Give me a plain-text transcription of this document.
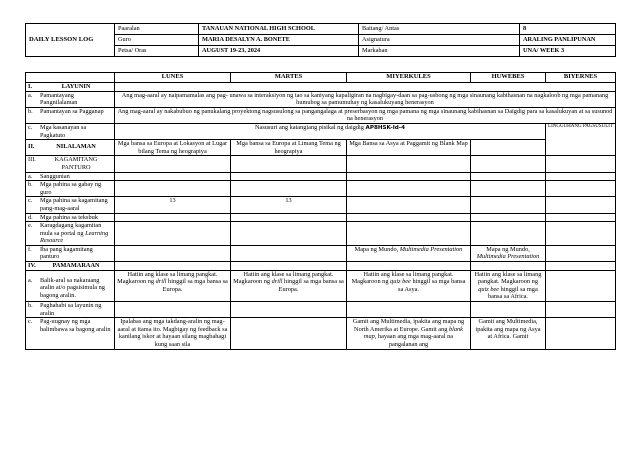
DAILY LESSON LOG	Paaralan	TANAUAN NATIONAL HIGH SCHOOL	Baitang/ Antas	8
	Guro	MARIA DESALYN A. BONETE	Asignatura	ARALING PANLIPUNAN
	Petsa/ Oras	AUGUST 19-23, 2024	Markahan	UNA/ WEEK 3
	LUNES	MARTES	MIYERKULES	HUWEBES	BIYERNES

I. LAYUNIN					

a. Pamantayang Pangnilalaman	Ang mag-aaral ay naipamamalas ang pag- unawa sa interaksiyon ng tao sa kaniyang kapaligiran na nagbigay-daan sa pag-usbong ng mga sinaunang kabihasnan na nagkaloob ng mga pamanang humubog sa pamumuhay ng kasalukuyang henerasyon				

b. Pamantayan sa Pagganap	Ang mag-aaral ay nakabubuo ng panukalang proyektong nagsusulong sa pangangalaga at preserbasyon ng mga pamana ng mga sinaunang kabihasnan sa Daigdig para sa kasalukuyan at sa susunod na henerasyon				

c. Mga kasanayan sa Pagkatuto	Nasusuri ang katangiang pisikal ng daigdig AP8HSK-Id-4				LINGGUHANG PAGSUSULIT

II. NILALAMAN	Mga bansa sa Europa at Lokasyon at Lugar bilang Tema ng heograpiya	Mga bansa sa Europa at Limang Tema ng heograpiya	Mga Bansa sa Asya at Paggamit ng Blank Map		

III. KAGAMITANG PANTURO					

a. Sanggunian					

b. Mga pahina sa gabay ng guro					

c. Mga pahina sa kagamitang pang-mag-aaral	13	13			

d. Mga pahina sa teksbuk					

e. Karagdagang kagamitan mula sa portal ng Learning Resource					

f. Iba pang kagamitang panturo			Mapa ng Mundo, Multimedia Presentation	Mapa ng Mundo, Multimedia Presentation	

IV. PAMAMARAAN					

a. Balik-aral sa nakaraang aralin at/o pagsisimula ng bagong aralin.	Hatiin ang klase sa limang pangkat. Magkaroon ng drill hinggil sa mga bansa sa Europa.	Hatiin ang klase sa limang pangkat. Magkaroon ng drill hinggil sa mga bansa sa Europa.	Hatiin ang klase sa limang pangkat. Magkaroon ng quiz bee hinggil sa mga bansa sa Asya.	Hatiin ang klase sa limang pangkat. Magkaroon ng quiz bee hinggil sa mga bansa sa Africa.	

b. Paghahabi sa layunin ng aralin					

c. Pag-uugnay ng mga halimbawa sa bagong aralin	Ipalabas ang mga takdang-aralin ng mag-aaral at itama ito. Magbigay ng feedback sa kanilang iskor at hayaan silang magbahagi kung saan sila		Gamit ang Multimedia, ipakita ang mapa ng North Amerika at Europe. Gamit ang blank map, hayaan ang mga mag-aaral na pangalanan ang	Gamit ang Multimedia, ipakita ang mapa ng Asya at Africa. Gamit	
